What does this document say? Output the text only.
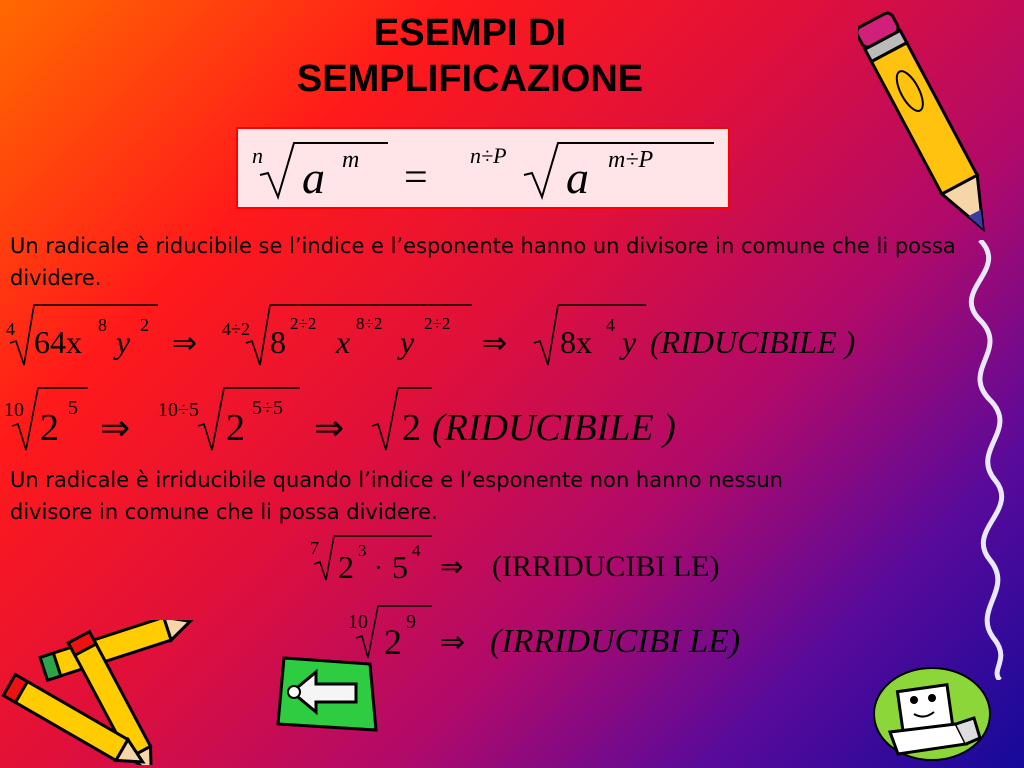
ESEMPI DI
SEMPLIFICAZIONE
n a m = n÷P a m÷P
Un radicale è riducibile se l’indice e l’esponente hanno un divisore in comune che li possa dividere.
4 64x 8 y 2
⇒ 4÷2 8
2÷2
x
8÷2
y
2÷2
⇒ 8x 4 y (RIDUCIBILE )
10 2 5 ⇒ 10÷5 2 5÷5 ⇒ 2 (RIDUCIBILE )
Un radicale è irriducibile quando l’indice e l’esponente non hanno nessun divisore in comune che li possa dividere.
7
2 3
· 5 4
⇒ (IRRIDUCIBI LE)
10 2 9
⇒ (IRRIDUCIBI LE)
